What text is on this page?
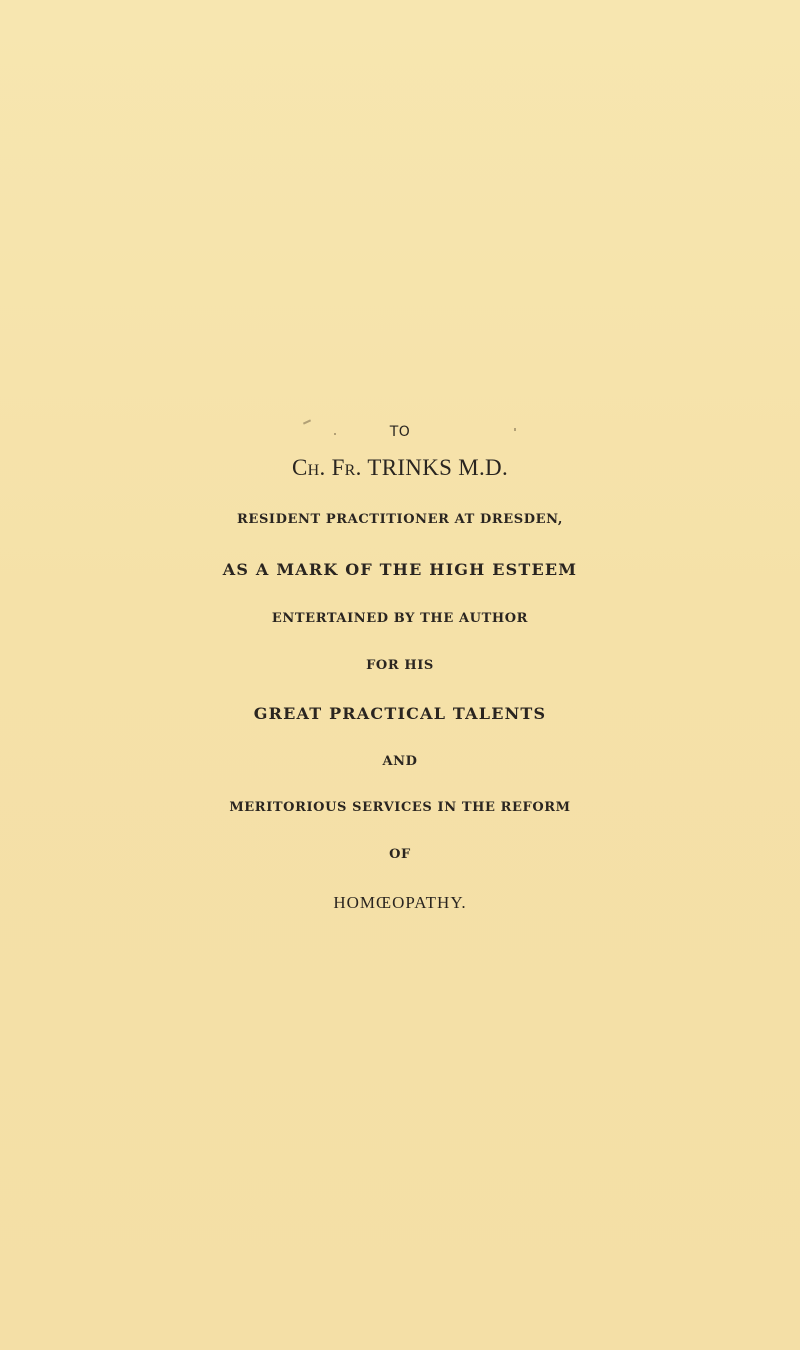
TO
Ch. Fr. TRINKS M.D.
RESIDENT PRACTITIONER AT DRESDEN,
AS A MARK OF THE HIGH ESTEEM
ENTERTAINED BY THE AUTHOR
FOR HIS
GREAT PRACTICAL TALENTS
AND
MERITORIOUS SERVICES IN THE REFORM
OF
HOMŒOPATHY.
